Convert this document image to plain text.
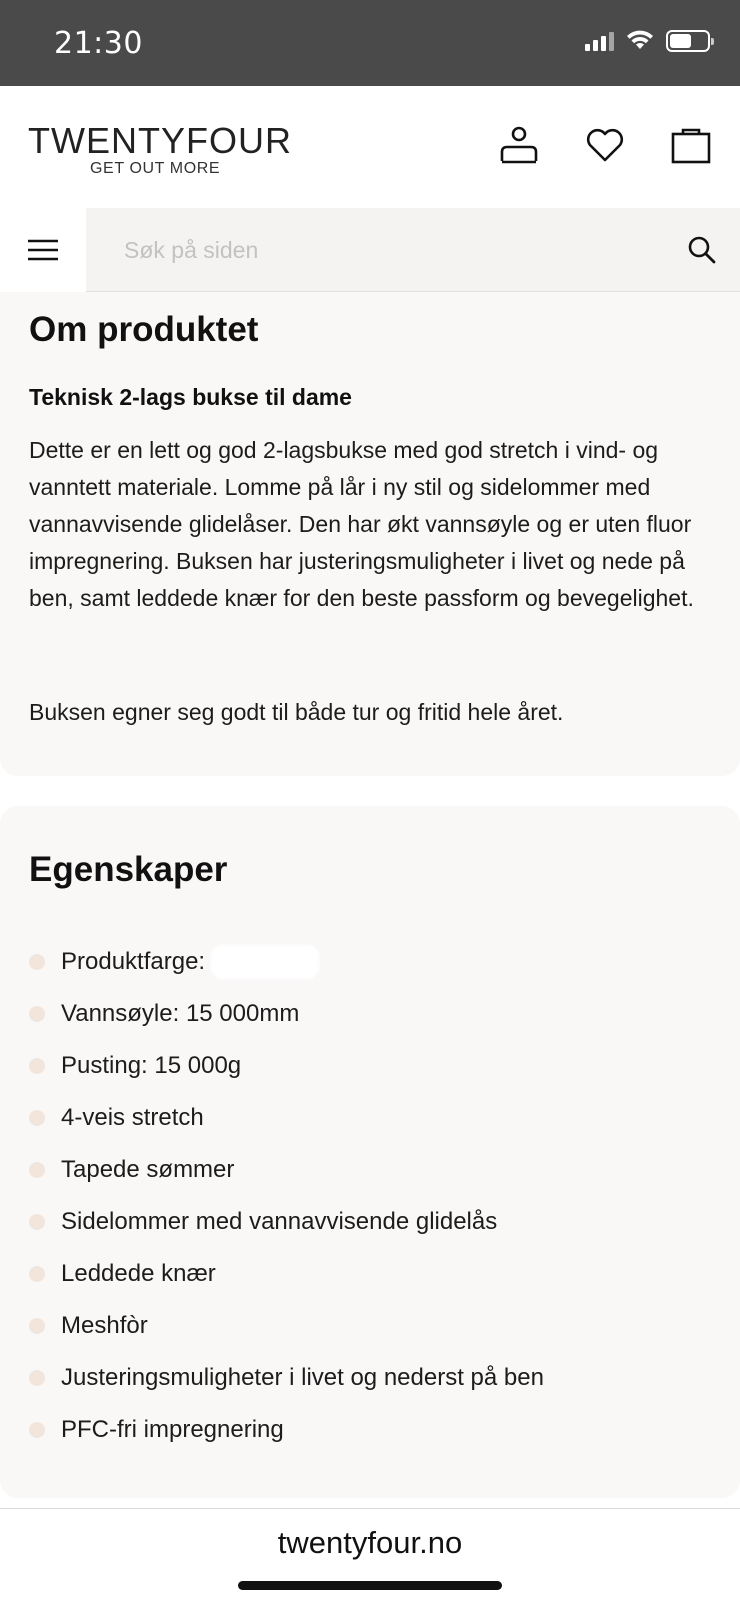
21:30
TWENTYFOUR
GET OUT MORE
Søk på siden
Om produktet
Teknisk 2-lags bukse til dame

Dette er en lett og god 2-lagsbukse med god stretch i vind- og vanntett materiale. Lomme på lår i ny stil og sidelommer med vannavvisende glidelåser. Den har økt vannsøyle og er uten fluor impregnering. Buksen har justeringsmuligheter i livet og nede på ben, samt leddede knær for den beste passform og bevegelighet.

Buksen egner seg godt til både tur og fritid hele året.

Egenskaper
Produktfarge:
Vannsøyle: 15 000mm
Pusting: 15 000g
4-veis stretch
Tapede sømmer
Sidelommer med vannavvisende glidelås
Leddede knær
Meshfòr
Justeringsmuligheter i livet og nederst på ben
PFC-fri impregnering
twentyfour.no
